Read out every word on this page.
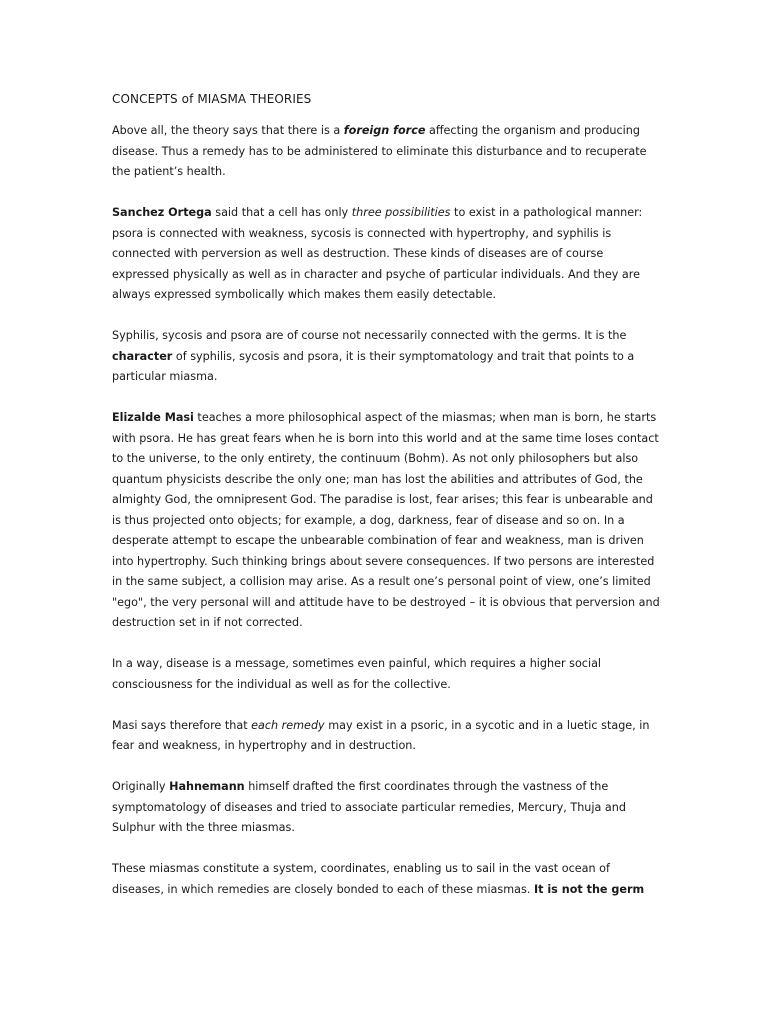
CONCEPTS of MIASMA THEORIES

Above all, the theory says that there is a foreign force affecting the organism and producing disease. Thus a remedy has to be administered to eliminate this disturbance and to recuperate the patient’s health.

Sanchez Ortega said that a cell has only three possibilities to exist in a pathological manner: psora is connected with weakness, sycosis is connected with hypertrophy, and syphilis is connected with perversion as well as destruction. These kinds of diseases are of course expressed physically as well as in character and psyche of particular individuals. And they are always expressed symbolically which makes them easily detectable.

Syphilis, sycosis and psora are of course not necessarily connected with the germs. It is the character of syphilis, sycosis and psora, it is their symptomatology and trait that points to a particular miasma.

Elizalde Masi teaches a more philosophical aspect of the miasmas; when man is born, he starts with psora. He has great fears when he is born into this world and at the same time loses contact to the universe, to the only entirety, the continuum (Bohm). As not only philosophers but also quantum physicists describe the only one; man has lost the abilities and attributes of God, the almighty God, the omnipresent God. The paradise is lost, fear arises; this fear is unbearable and is thus projected onto objects; for example, a dog, darkness, fear of disease and so on. In a desperate attempt to escape the unbearable combination of fear and weakness, man is driven into hypertrophy. Such thinking brings about severe consequences. If two persons are interested in the same subject, a collision may arise. As a result one’s personal point of view, one’s limited "ego", the very personal will and attitude have to be destroyed – it is obvious that perversion and destruction set in if not corrected.

In a way, disease is a message, sometimes even painful, which requires a higher social consciousness for the individual as well as for the collective.

Masi says therefore that each remedy may exist in a psoric, in a sycotic and in a luetic stage, in fear and weakness, in hypertrophy and in destruction.

Originally Hahnemann himself drafted the first coordinates through the vastness of the symptomatology of diseases and tried to associate particular remedies, Mercury, Thuja and Sulphur with the three miasmas.

These miasmas constitute a system, coordinates, enabling us to sail in the vast ocean of diseases, in which remedies are closely bonded to each of these miasmas. It is not the germ
